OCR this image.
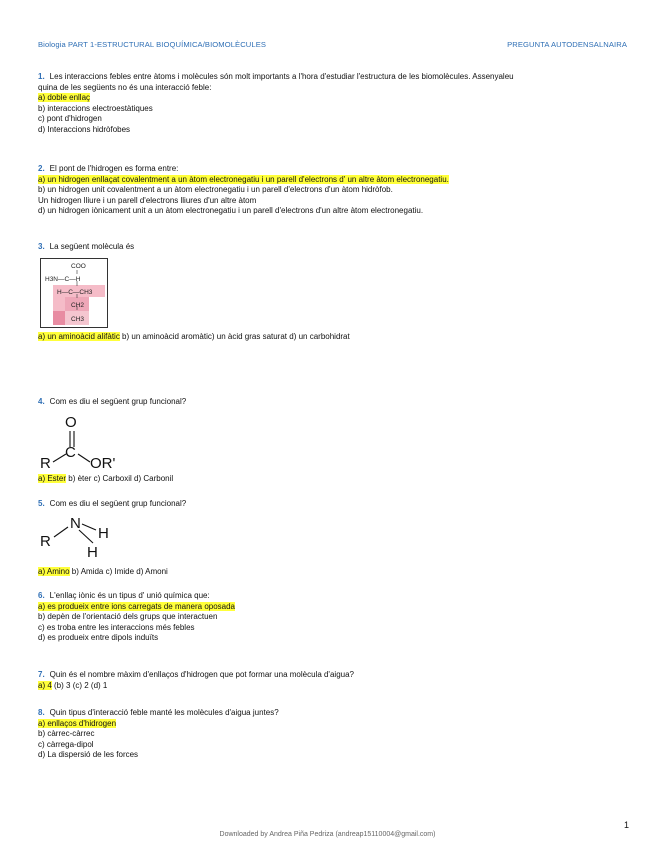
Biologia PART 1-ESTRUCTURAL BIOQUÍMICA/BIOMOLÈCULES	PREGUNTA AUTODENSALNAIRA
1. Les interaccions febles entre àtoms i molècules són molt importants a l'hora d'estudiar l'estructura de les biomolècules. Assenyaleu
quina de les següents no és una interacció feble:
a) doble enllaç
b) interaccions electroestàtiques
c) pont d'hidrogen
d) Interaccions hidròfobes
2. El pont de l'hidrogen es forma entre:
a) un hidrogen enllaçat covalentment a un àtom electronegatiu i un parell d'electrons d' un altre àtom electronegatiu.
b) un hidrogen unit covalentment a un àtom electronegatiu i un parell d'electrons d'un àtom hidròfob.
Un hidrogen lliure i un parell d'electrons lliures d'un altre àtom
d) un hidrogen iònicament unit a un àtom electronegatiu i un parell d'electrons d'un altre àtom electronegatiu.
3. La següent molècula és
COO
H3N—C—H
H—C—CH3
CH2
CH3
a) un aminoàcid alifàtic b) un aminoàcid aromàtic) un àcid gras saturat d) un carbohidrat
4. Com es diu el següent grup funcional?
O
C
R	OR'
a) Ester b) èter c) Carboxil d) Carbonil
5. Com es diu el següent grup funcional?
N
H
R
H
a) Amino b) Amida c) Imide d) Amoni
6. L'enllaç iònic és un tipus d' unió química que:
a) es produeix entre ions carregats de manera oposada
b) depèn de l'orientació dels grups que interactuen
c) es troba entre les interaccions més febles
d) es produeix entre dipols induïts
7. Quin és el nombre màxim d'enllaços d'hidrogen que pot formar una molècula d'aigua?
a) 4 (b) 3 (c) 2 (d) 1
8. Quin tipus d'interacció feble manté les molècules d'aigua juntes?
a) enllaços d'hidrogen
b) càrrec-càrrec
c) càrrega-dipol
d) La dispersió de les forces
1
Downloaded by Andrea Piña Pedriza (andreap15110004@gmail.com)
